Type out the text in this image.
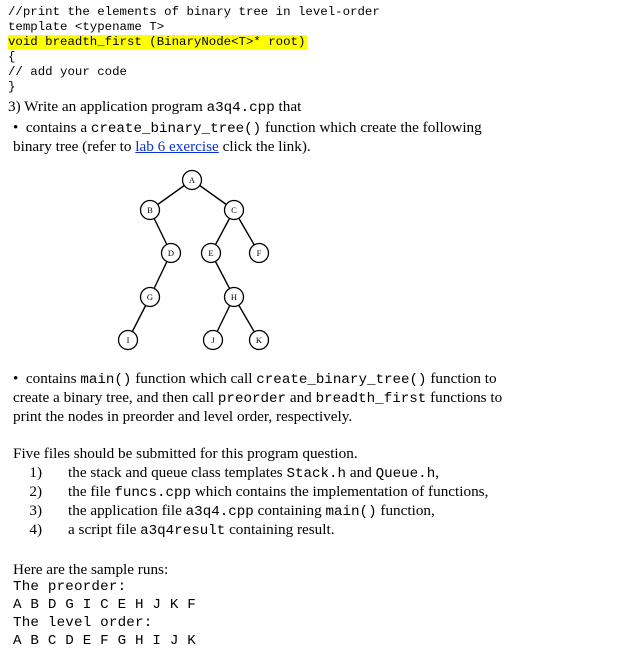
//print the elements of binary tree in level-order
template <typename T>
void breadth_first (BinaryNode<T>* root)
{
// add your code
}
3) Write an application program a3q4.cpp that
• contains a create_binary_tree() function which create the following
binary tree (refer to lab 6 exercise click the link).
A
B	C
D	E	F
G	H
I	J	K
• contains main() function which call create_binary_tree() function to
create a binary tree, and then call preorder and breadth_first functions to
print the nodes in preorder and level order, respectively.
Five files should be submitted for this program question.
1) the stack and queue class templates Stack.h and Queue.h,
2) the file funcs.cpp which contains the implementation of functions,
3) the application file a3q4.cpp containing main() function,
4) a script file a3q4result containing result.
Here are the sample runs:
The preorder:
A B D G I C E H J K F
The level order:
A B C D E F G H I J K
